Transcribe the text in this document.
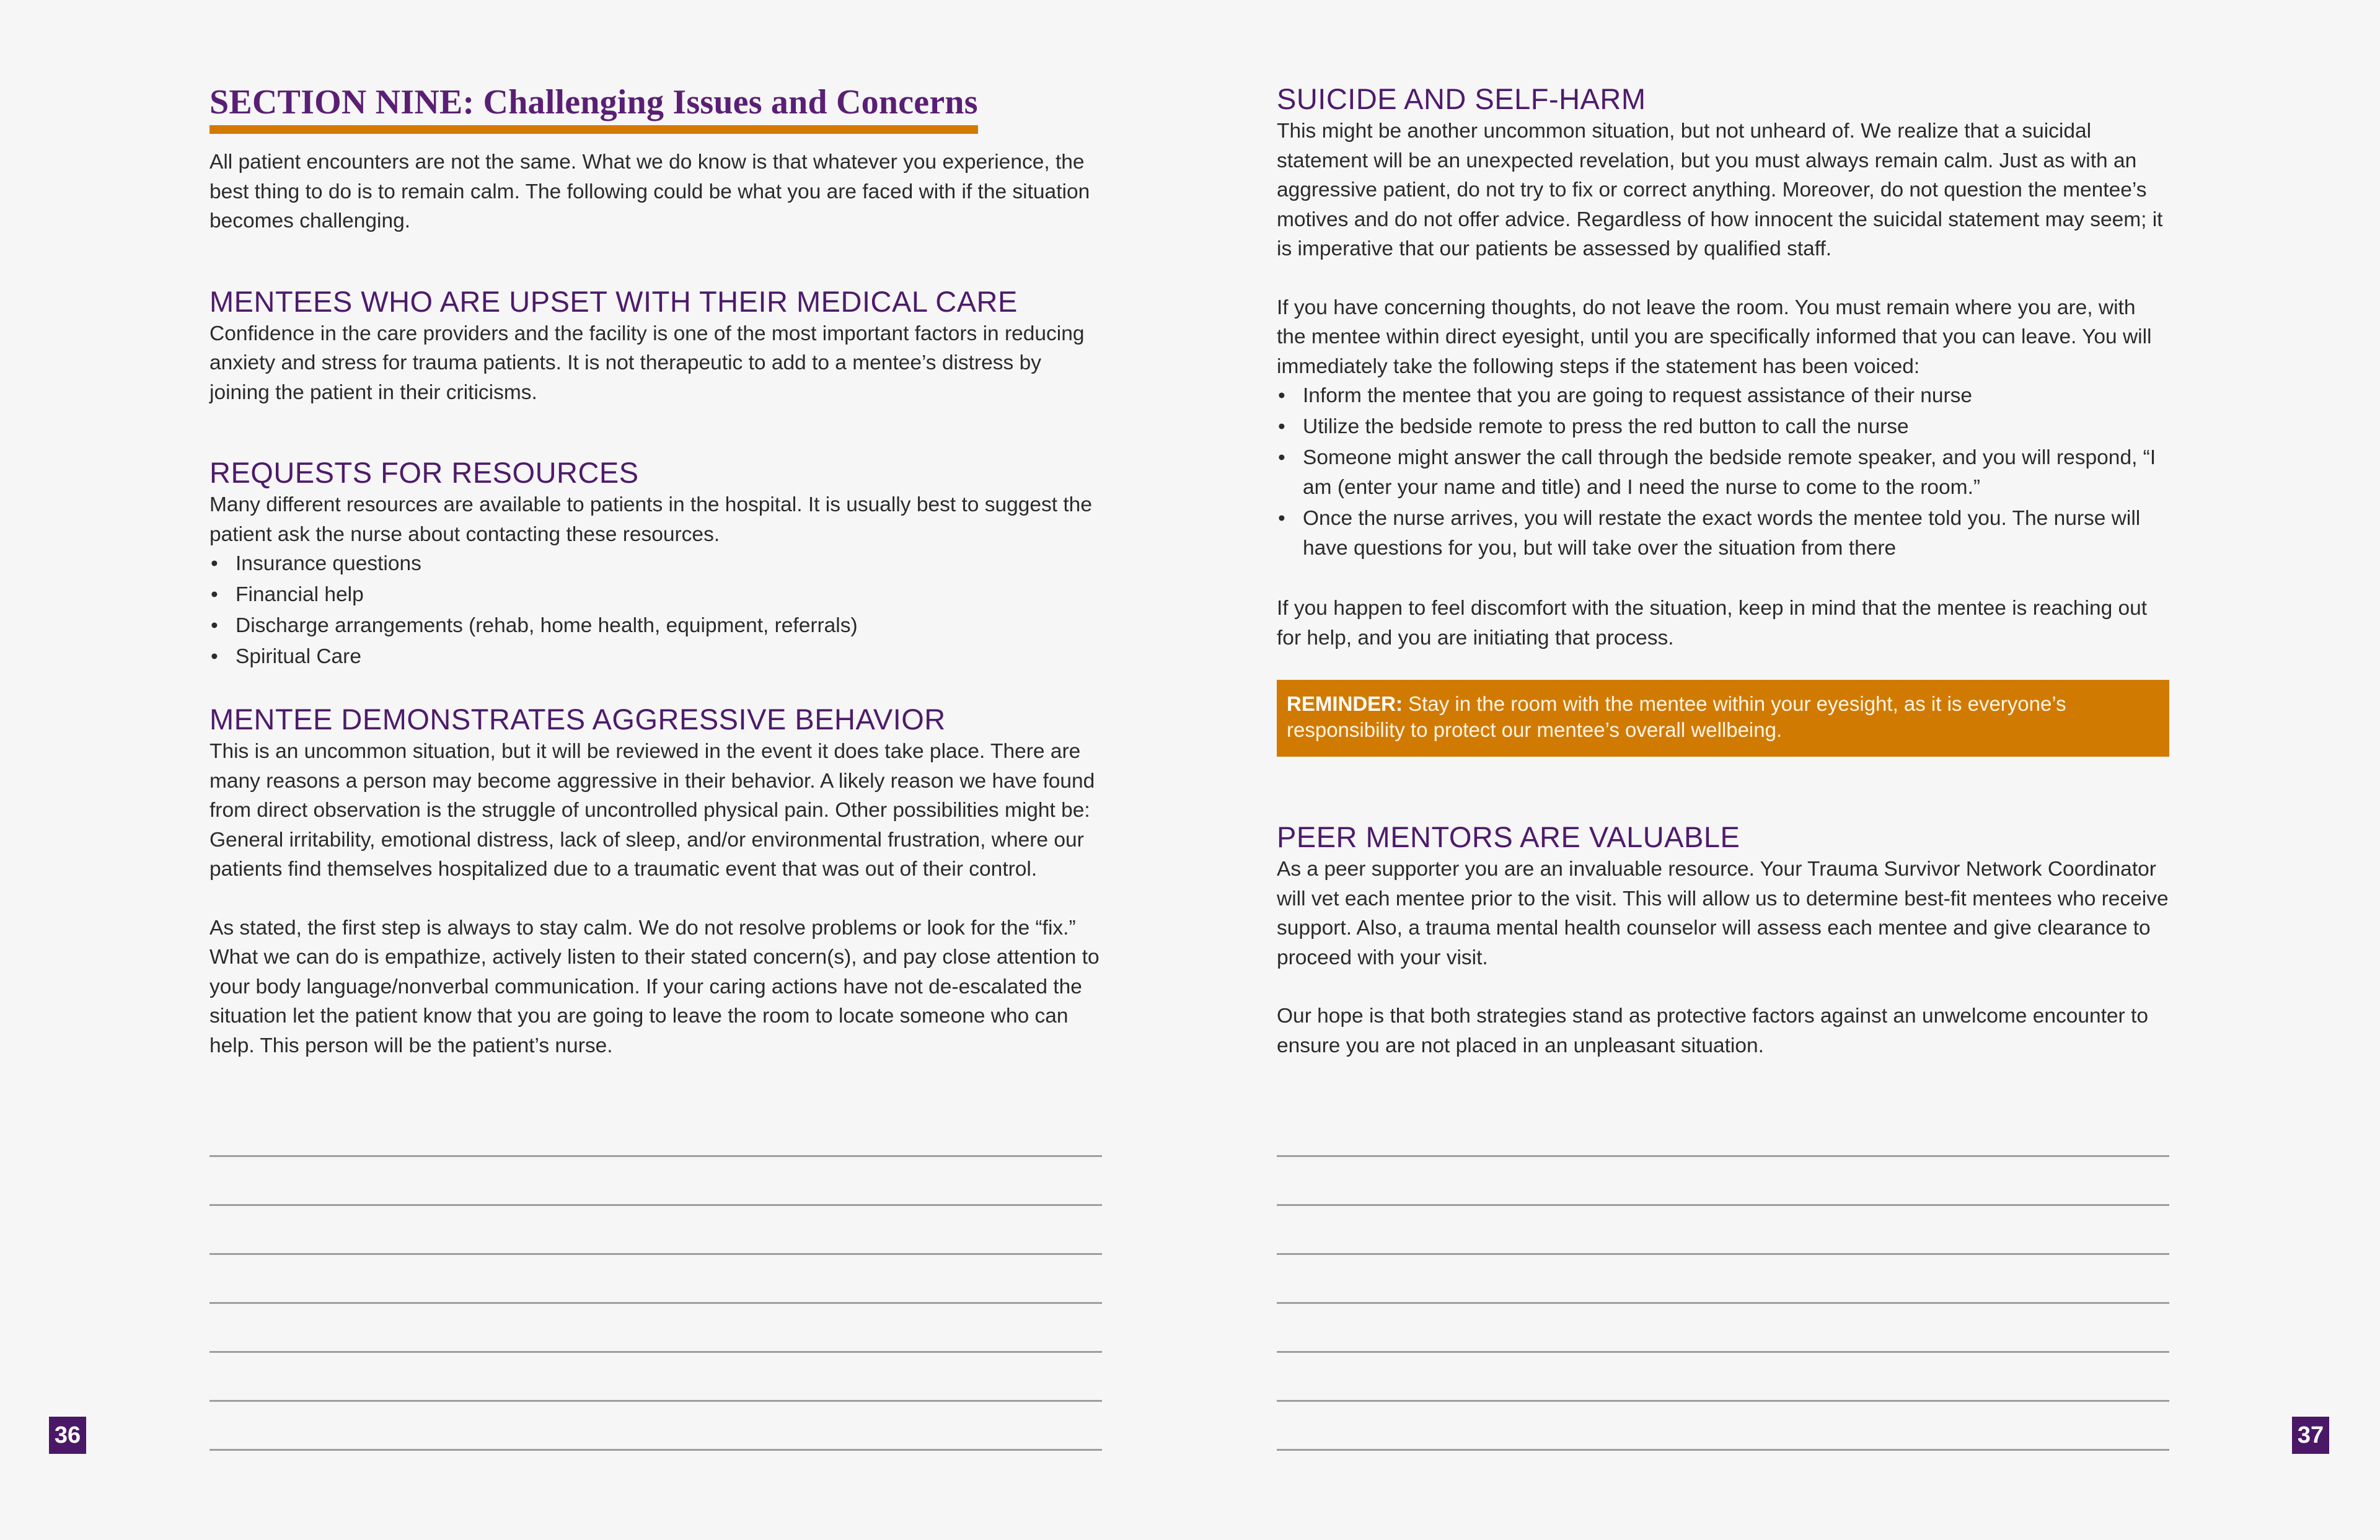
SECTION NINE: Challenging Issues and Concerns

All patient encounters are not the same. What we do know is that whatever you experience, the best thing to do is to remain calm. The following could be what you are faced with if the situation becomes challenging.

MENTEES WHO ARE UPSET WITH THEIR MEDICAL CARE

Confidence in the care providers and the facility is one of the most important factors in reducing anxiety and stress for trauma patients. It is not therapeutic to add to a mentee’s distress by joining the patient in their criticisms.

REQUESTS FOR RESOURCES

Many different resources are available to patients in the hospital. It is usually best to suggest the patient ask the nurse about contacting these resources.

• Insurance questions
• Financial help
• Discharge arrangements (rehab, home health, equipment, referrals)
• Spiritual Care
MENTEE DEMONSTRATES AGGRESSIVE BEHAVIOR

This is an uncommon situation, but it will be reviewed in the event it does take place. There are many reasons a person may become aggressive in their behavior. A likely reason we have found from direct observation is the struggle of uncontrolled physical pain. Other possibilities might be: General irritability, emotional distress, lack of sleep, and/or environmental frustration, where our patients find themselves hospitalized due to a traumatic event that was out of their control.

As stated, the first step is always to stay calm. We do not resolve problems or look for the “fix.” What we can do is empathize, actively listen to their stated concern(s), and pay close attention to your body language/nonverbal communication. If your caring actions have not de-escalated the situation let the patient know that you are going to leave the room to locate someone who can help. This person will be the patient’s nurse.

36
SUICIDE AND SELF-HARM

This might be another uncommon situation, but not unheard of. We realize that a suicidal statement will be an unexpected revelation, but you must always remain calm. Just as with an aggressive patient, do not try to fix or correct anything. Moreover, do not question the mentee’s motives and do not offer advice. Regardless of how innocent the suicidal statement may seem; it is imperative that our patients be assessed by qualified staff.

If you have concerning thoughts, do not leave the room. You must remain where you are, with the mentee within direct eyesight, until you are specifically informed that you can leave. You will immediately take the following steps if the statement has been voiced:

• Inform the mentee that you are going to request assistance of their nurse
• Utilize the bedside remote to press the red button to call the nurse
• Someone might answer the call through the bedside remote speaker, and you will respond, “I am (enter your name and title) and I need the nurse to come to the room.”
• Once the nurse arrives, you will restate the exact words the mentee told you. The nurse will have questions for you, but will take over the situation from there

If you happen to feel discomfort with the situation, keep in mind that the mentee is reaching out for help, and you are initiating that process.

REMINDER: Stay in the room with the mentee within your eyesight, as it is everyone’s responsibility to protect our mentee’s overall wellbeing.
PEER MENTORS ARE VALUABLE

As a peer supporter you are an invaluable resource. Your Trauma Survivor Network Coordinator will vet each mentee prior to the visit. This will allow us to determine best-fit mentees who receive support. Also, a trauma mental health counselor will assess each mentee and give clearance to proceed with your visit.

Our hope is that both strategies stand as protective factors against an unwelcome encounter to ensure you are not placed in an unpleasant situation.

37
